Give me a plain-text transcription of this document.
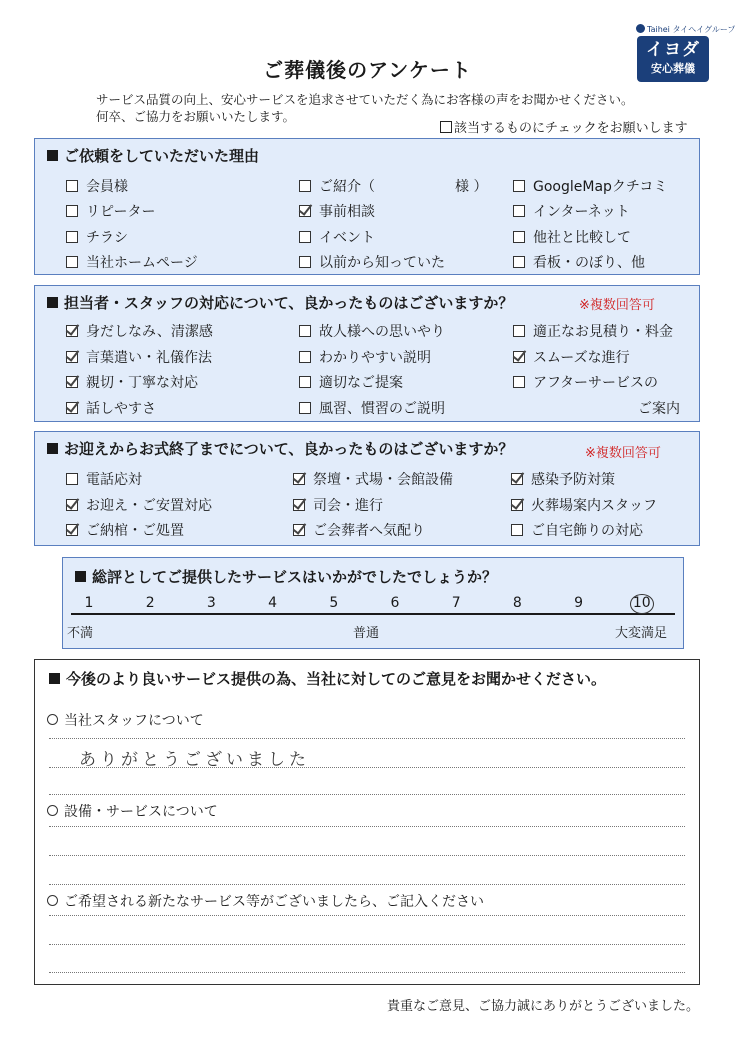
Taihei タイヘイグループ
イヨダ
安心葬儀
ご葬儀後のアンケート
サービス品質の向上、安心サービスを追求させていただく為にお客様の声をお聞かせください。
何卒、ご協力をお願いいたします。
該当するものにチェックをお願いします
ご依頼をしていただいた理由
会員様	ご紹介（	様 ）	GoogleMapクチコミ
リピーター	事前相談	インターネット
チラシ	イベント	他社と比較して
当社ホームページ	以前から知っていた	看板・のぼり、他
担当者・スタッフの対応について、良かったものはございますか？	※複数回答可
身だしなみ、清潔感	故人様への思いやり	適正なお見積り・料金
言葉遣い・礼儀作法	わかりやすい説明	スムーズな進行
親切・丁寧な対応	適切なご提案	アフターサービスの
話しやすさ	風習、慣習のご説明	ご案内
お迎えからお式終了までについて、良かったものはございますか？	※複数回答可
電話応対	祭壇・式場・会館設備	感染予防対策
お迎え・ご安置対応	司会・進行	火葬場案内スタッフ
ご納棺・ご処置	ご会葬者へ気配り	ご自宅飾りの対応
総評としてご提供したサービスはいかがでしたでしょうか？
1	2	3	4	5	6	7	8	9	10
不満	普通	大変満足
今後のより良いサービス提供の為、当社に対してのご意見をお聞かせください。
当社スタッフについて
ありがとうございました
設備・サービスについて
ご希望される新たなサービス等がございましたら、ご記入ください
貴重なご意見、ご協力誠にありがとうございました。
